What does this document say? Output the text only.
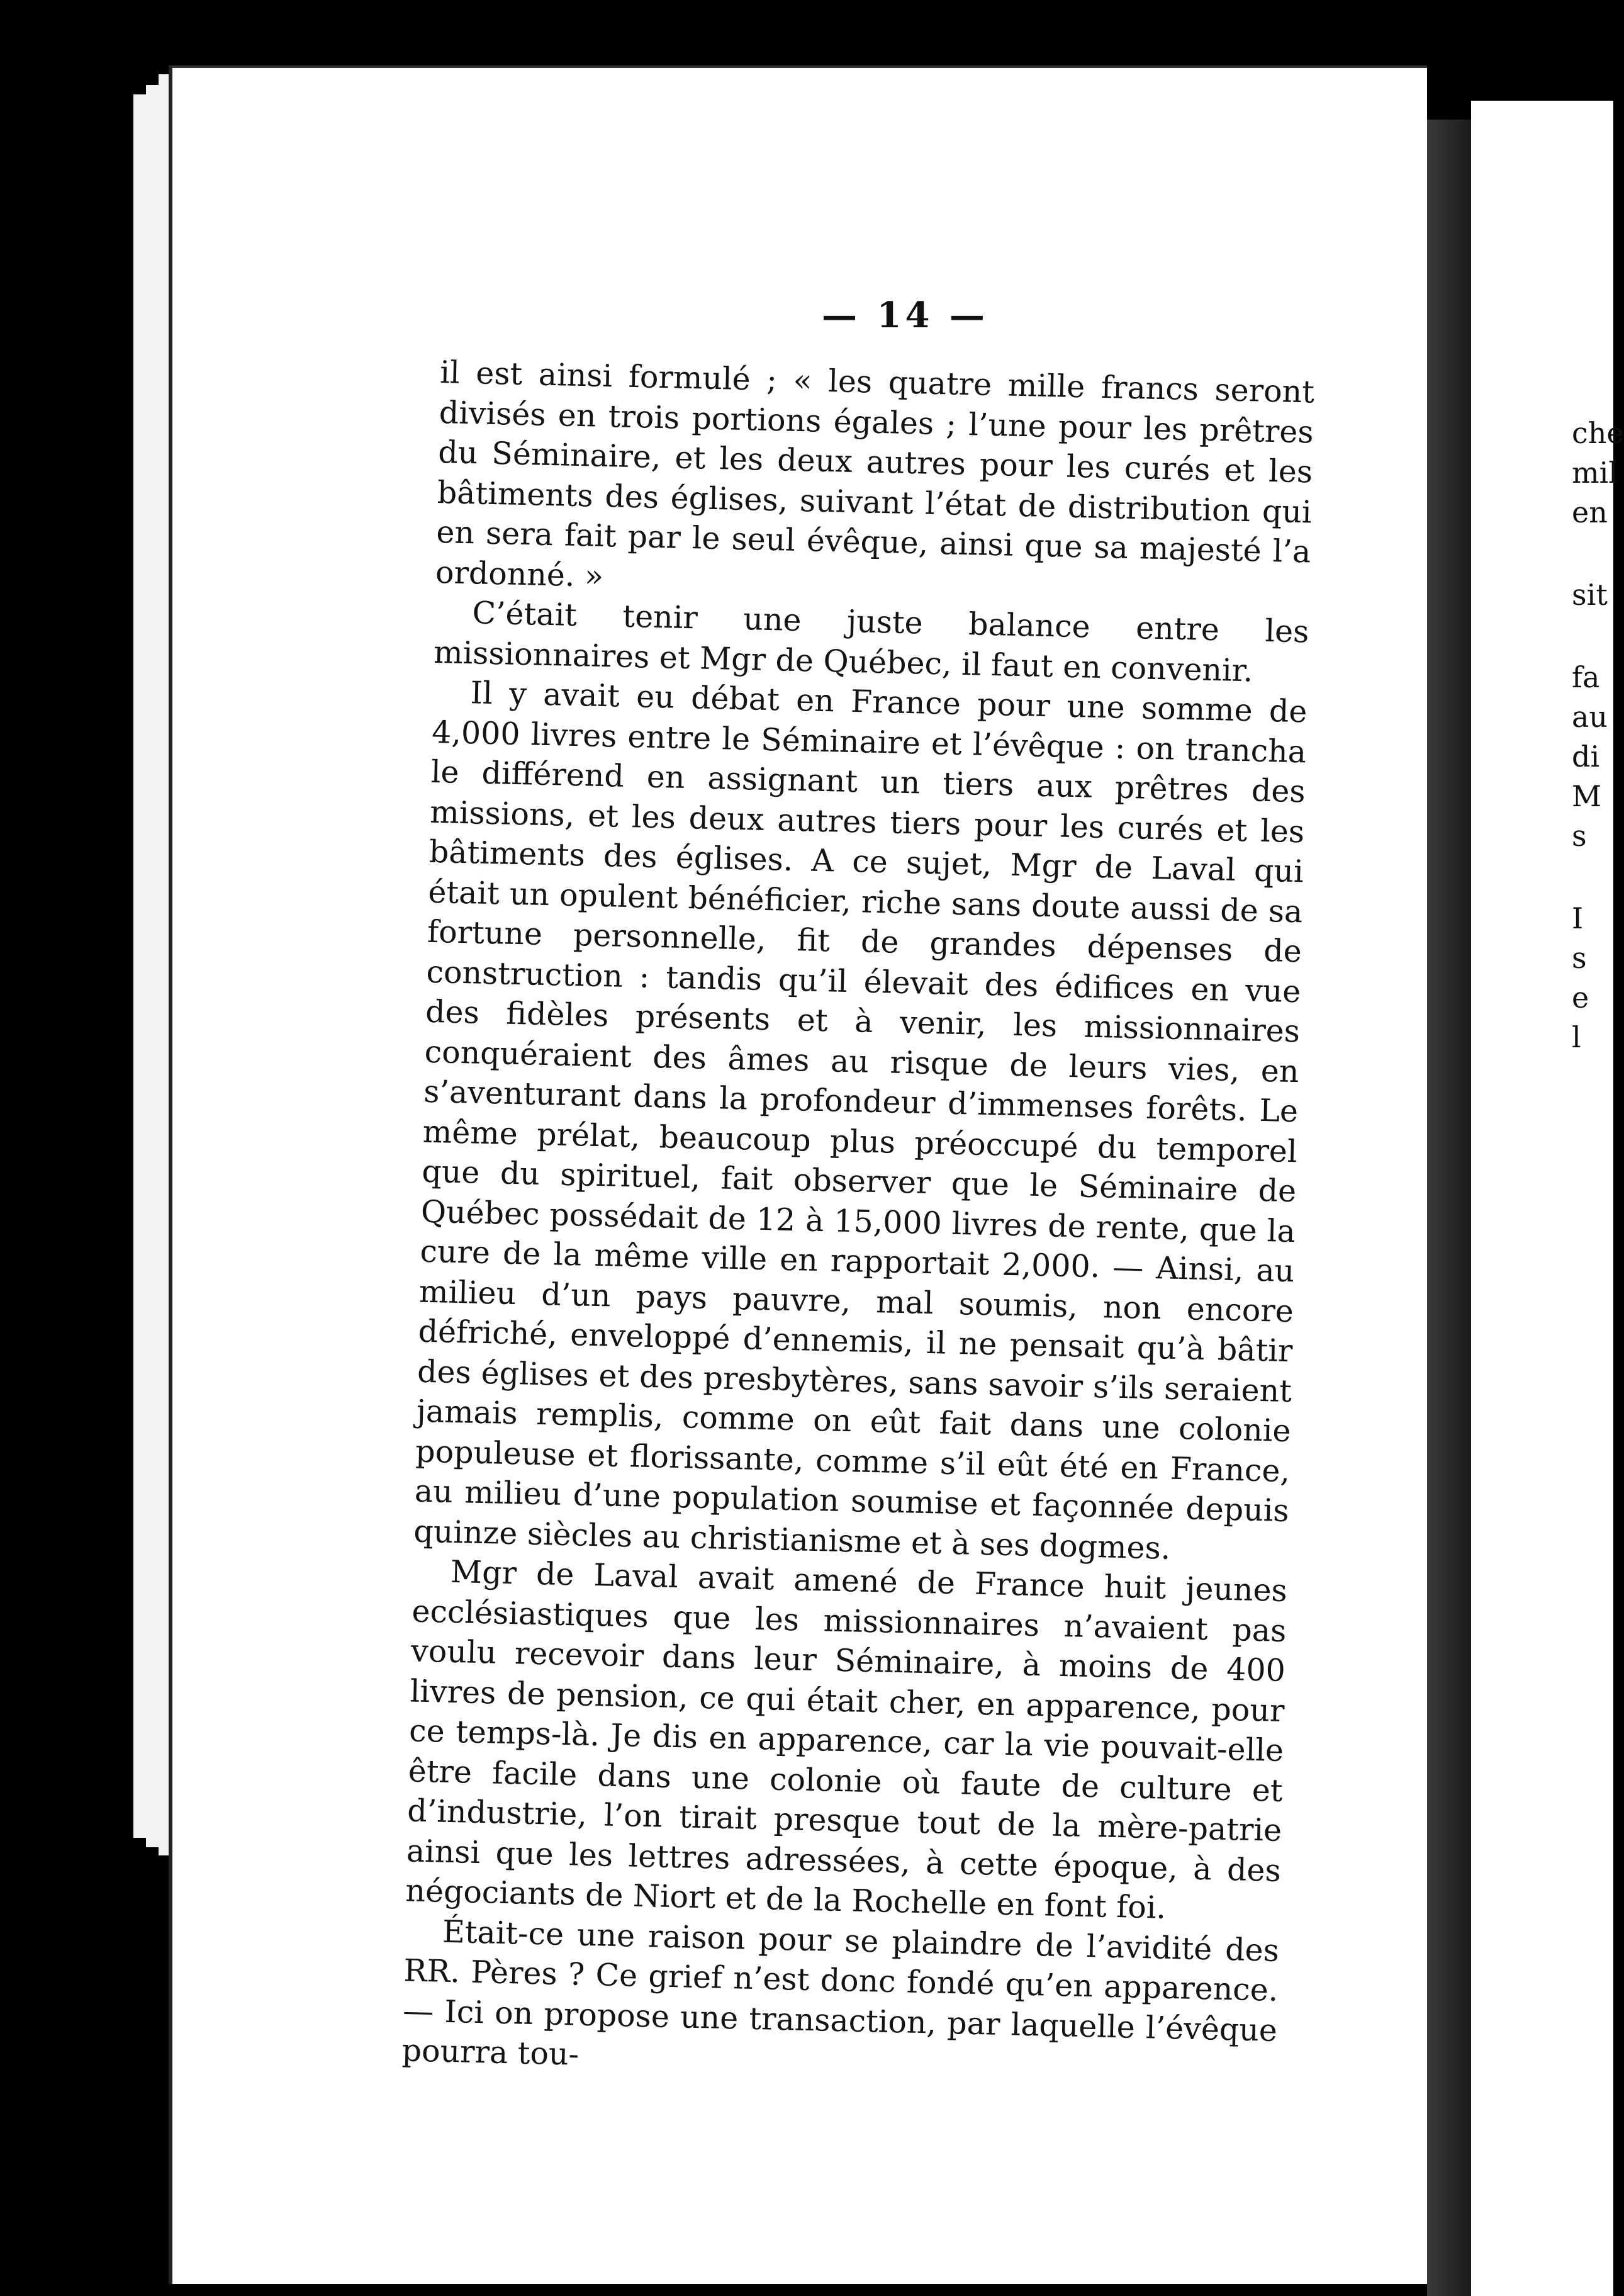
che
mil
en
sit
fa
au
di
M
s
I
s
e
l
— 14 —

il est ainsi formulé ; « les quatre mille francs seront divisés en trois portions égales ; l’une pour les prêtres du Séminaire, et les deux autres pour les curés et les bâtiments des églises, suivant l’état de distribution qui en sera fait par le seul évêque, ainsi que sa majesté l’a ordonné. »

C’était tenir une juste balance entre les missionnaires et Mgr de Québec, il faut en convenir.

Il y avait eu débat en France pour une somme de 4,000 livres entre le Séminaire et l’évêque : on trancha le différend en assignant un tiers aux prêtres des missions, et les deux autres tiers pour les curés et les bâtiments des églises. A ce sujet, Mgr de Laval qui était un opulent bénéficier, riche sans doute aussi de sa fortune personnelle, fit de grandes dépenses de construction : tandis qu’il élevait des édifices en vue des fidèles présents et à venir, les missionnaires conquéraient des âmes au risque de leurs vies, en s’aventurant dans la profondeur d’immenses forêts. Le même prélat, beaucoup plus préoccupé du temporel que du spirituel, fait observer que le Séminaire de Québec possédait de 12 à 15,000 livres de rente, que la cure de la même ville en rapportait 2,000. — Ainsi, au milieu d’un pays pauvre, mal soumis, non encore défriché, enveloppé d’ennemis, il ne pensait qu’à bâtir des églises et des presbytères, sans savoir s’ils seraient jamais remplis, comme on eût fait dans une colonie populeuse et florissante, comme s’il eût été en France, au milieu d’une population soumise et façonnée depuis quinze siècles au christianisme et à ses dogmes.

Mgr de Laval avait amené de France huit jeunes ecclésiastiques que les missionnaires n’avaient pas voulu recevoir dans leur Séminaire, à moins de 400 livres de pension, ce qui était cher, en apparence, pour ce temps-là. Je dis en apparence, car la vie pouvait-elle être facile dans une colonie où faute de culture et d’industrie, l’on tirait presque tout de la mère-patrie ainsi que les lettres adressées, à cette époque, à des négociants de Niort et de la Rochelle en font foi.

Était-ce une raison pour se plaindre de l’avidité des RR. Pères ? Ce grief n’est donc fondé qu’en apparence. — Ici on propose une transaction, par laquelle l’évêque pourra tou-
